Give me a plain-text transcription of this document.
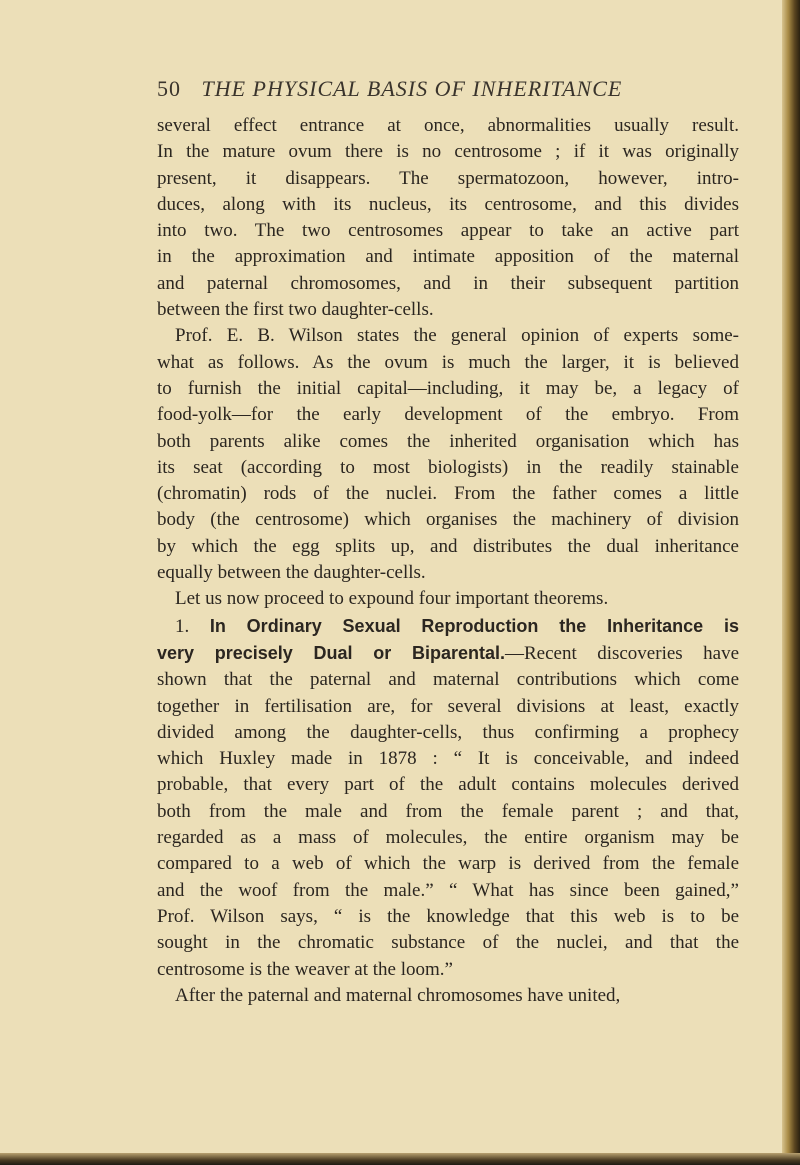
50 THE PHYSICAL BASIS OF INHERITANCE
several effect entrance at once, abnormalities usually result.
In the mature ovum there is no centrosome ; if it was originally
present, it disappears. The spermatozoon, however, intro-
duces, along with its nucleus, its centrosome, and this divides
into two. The two centrosomes appear to take an active part
in the approximation and intimate apposition of the maternal
and paternal chromosomes, and in their subsequent partition
between the first two daughter-cells.
Prof. E. B. Wilson states the general opinion of experts some-
what as follows. As the ovum is much the larger, it is believed
to furnish the initial capital—including, it may be, a legacy of
food-yolk—for the early development of the embryo. From
both parents alike comes the inherited organisation which has
its seat (according to most biologists) in the readily stainable
(chromatin) rods of the nuclei. From the father comes a little
body (the centrosome) which organises the machinery of division
by which the egg splits up, and distributes the dual inheritance
equally between the daughter-cells.
Let us now proceed to expound four important theorems.
1. In Ordinary Sexual Reproduction the Inheritance is
very precisely Dual or Biparental.—Recent discoveries have
shown that the paternal and maternal contributions which come
together in fertilisation are, for several divisions at least, exactly
divided among the daughter-cells, thus confirming a prophecy
which Huxley made in 1878 : “ It is conceivable, and indeed
probable, that every part of the adult contains molecules derived
both from the male and from the female parent ; and that,
regarded as a mass of molecules, the entire organism may be
compared to a web of which the warp is derived from the female
and the woof from the male.” “ What has since been gained,”
Prof. Wilson says, “ is the knowledge that this web is to be
sought in the chromatic substance of the nuclei, and that the
centrosome is the weaver at the loom.”
After the paternal and maternal chromosomes have united,
